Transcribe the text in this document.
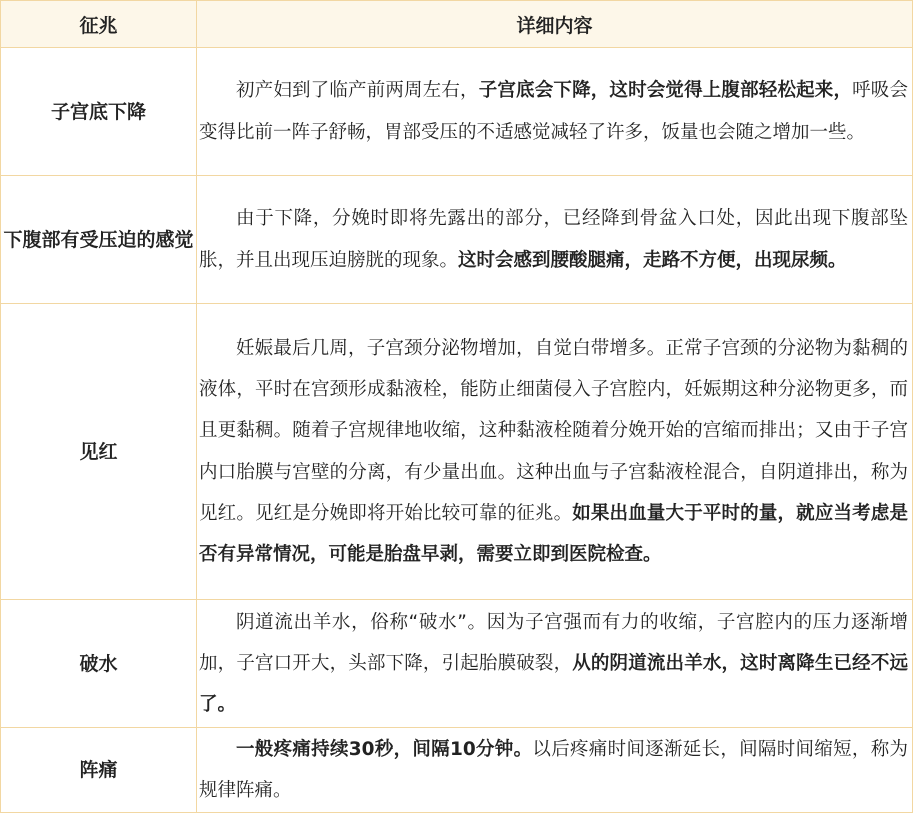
征兆	详细内容
子宫底下降	初产妇到了临产前两周左右，子宫底会下降，这时会觉得上腹部轻松起来，呼吸会变得比前一阵子舒畅，胃部受压的不适感觉减轻了许多，饭量也会随之增加一些。
下腹部有受压迫的感觉	由于下降，分娩时即将先露出的部分，已经降到骨盆入口处，因此出现下腹部坠胀，并且出现压迫膀胱的现象。这时会感到腰酸腿痛，走路不方便，出现尿频。
见红	妊娠最后几周，子宫颈分泌物增加，自觉白带增多。正常子宫颈的分泌物为黏稠的液体，平时在宫颈形成黏液栓，能防止细菌侵入子宫腔内，妊娠期这种分泌物更多，而且更黏稠。随着子宫规律地收缩，这种黏液栓随着分娩开始的宫缩而排出；又由于子宫内口胎膜与宫壁的分离，有少量出血。这种出血与子宫黏液栓混合，自阴道排出，称为见红。见红是分娩即将开始比较可靠的征兆。如果出血量大于平时的量，就应当考虑是否有异常情况，可能是胎盘早剥，需要立即到医院检查。
破水	阴道流出羊水，俗称“破水”。因为子宫强而有力的收缩，子宫腔内的压力逐渐增加，子宫口开大，头部下降，引起胎膜破裂，从的阴道流出羊水，这时离降生已经不远了。
阵痛	一般疼痛持续30秒，间隔10分钟。以后疼痛时间逐渐延长，间隔时间缩短，称为规律阵痛。
